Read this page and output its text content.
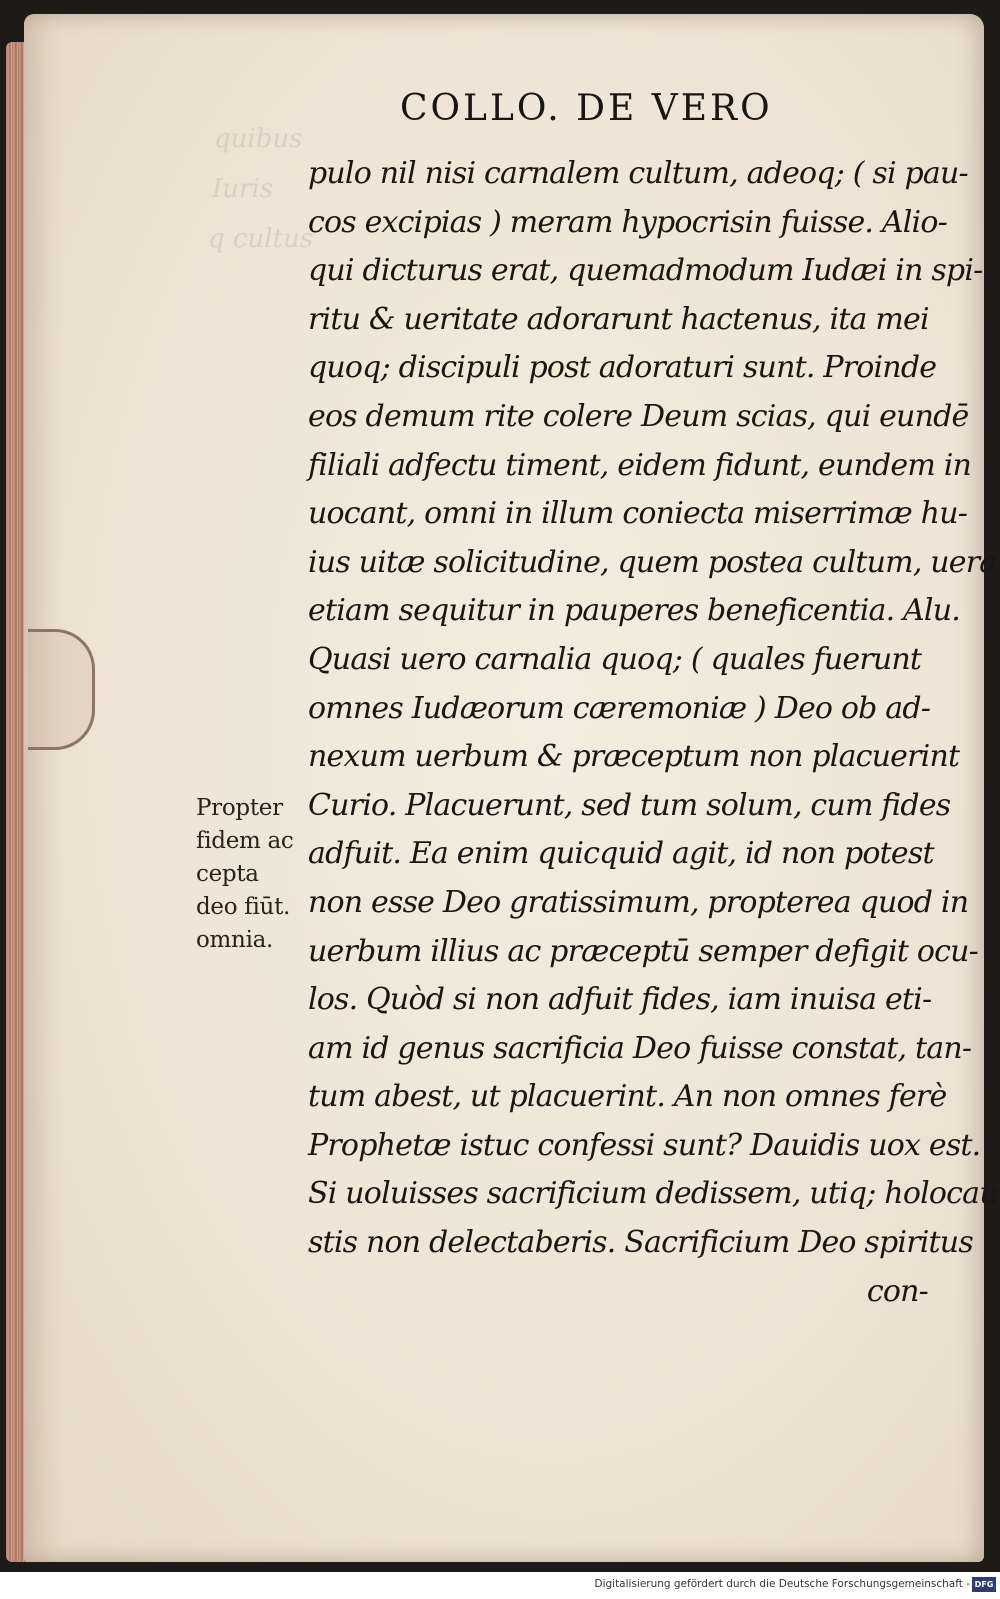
quibus
Iuris
q cultus
COLLO. DE VERO
pulo nil nisi carnalem cultum, adeoq; ( si pau-
cos excipias ) meram hypocrisin fuisse. Alio-
qui dicturus erat, quemadmodum Iudæi in spi-
ritu & ueritate adorarunt hactenus, ita mei
quoq; discipuli post adoraturi sunt. Proinde
eos demum rite colere Deum scias, qui eundē
filiali adfectu timent, eidem fidunt, eundem in
uocant, omni in illum coniecta miserrimæ hu-
ius uitæ solicitudine, quem postea cultum, uera
etiam sequitur in pauperes beneficentia. Alu.
Quasi uero carnalia quoq; ( quales fuerunt
omnes Iudæorum cæremoniæ ) Deo ob ad-
nexum uerbum & præceptum non placuerint
Curio. Placuerunt, sed tum solum, cum fides
adfuit. Ea enim quicquid agit, id non potest
non esse Deo gratissimum, propterea quod in
uerbum illius ac præceptū semper defigit ocu-
los. Quòd si non adfuit fides, iam inuisa eti-
am id genus sacrificia Deo fuisse constat, tan-
tum abest, ut placuerint. An non omnes ferè
Prophetæ istuc confessi sunt? Dauidis uox est.
Si uoluisses sacrificium dedissem, utiq; holocau
stis non delectaberis. Sacrificium Deo spiritus
con-
Propter
fidem ac
cepta
deo fiūt.
omnia.
Digitalisierung gefördert durch die Deutsche Forschungsgemeinschaft - DFG
